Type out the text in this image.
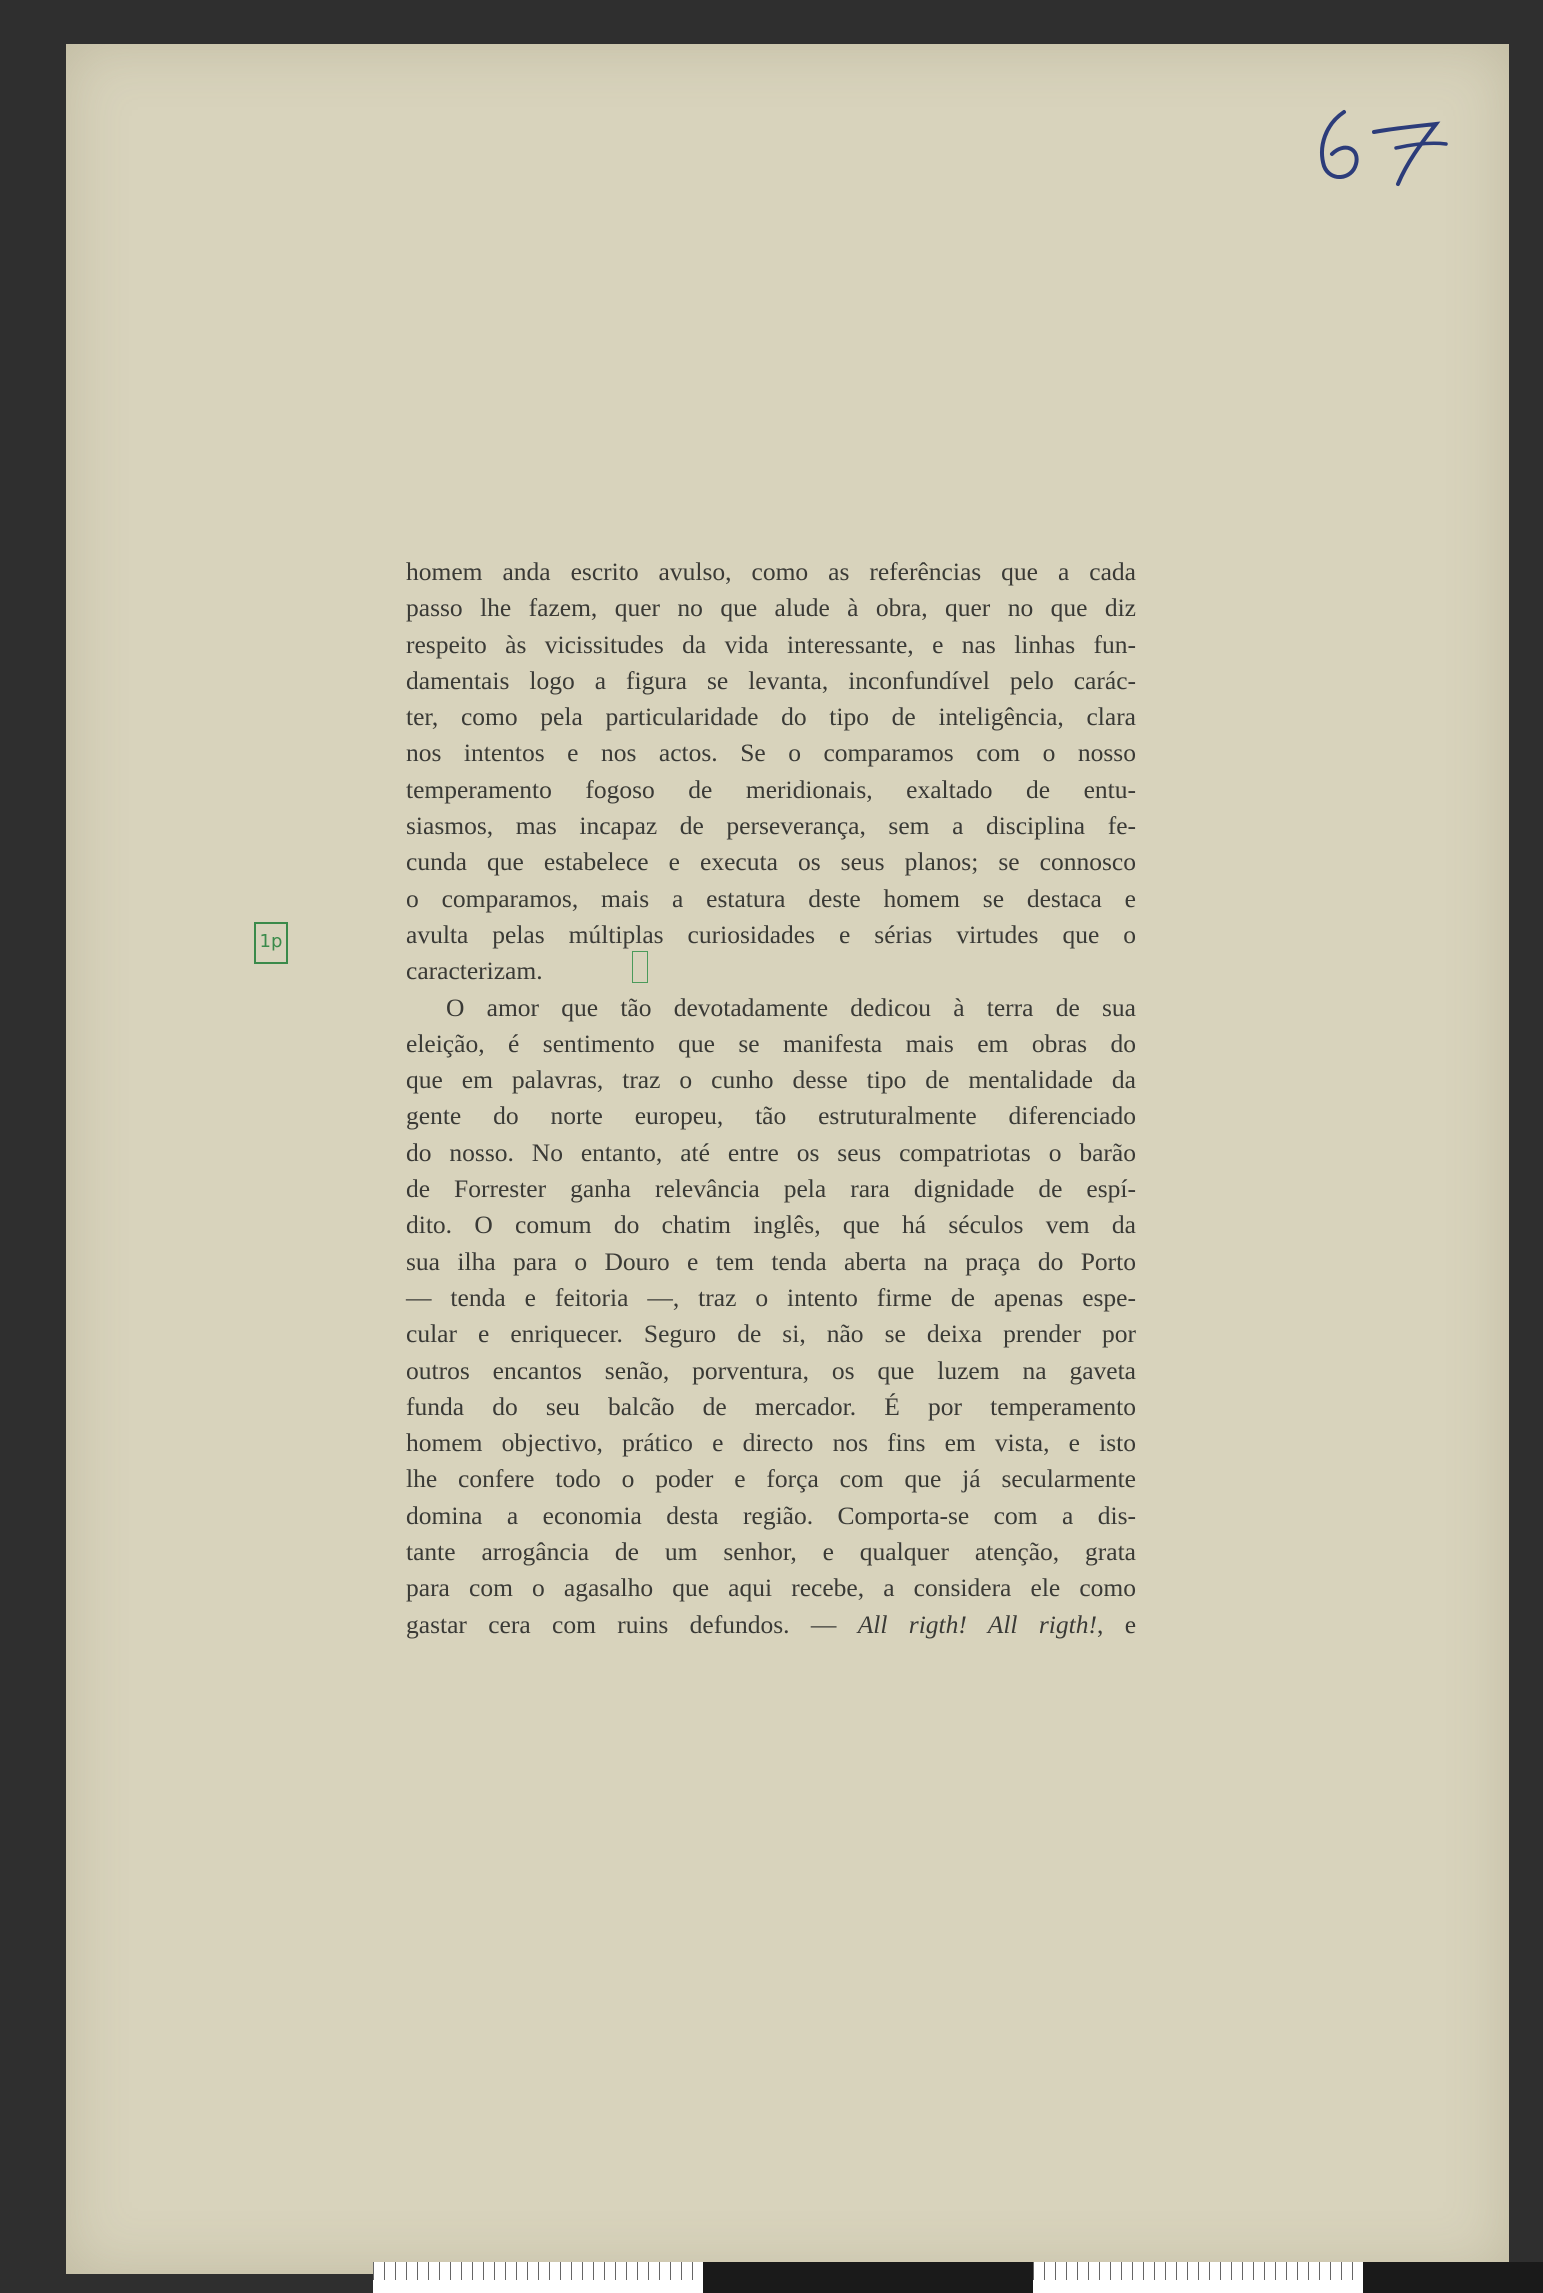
homem anda escrito avulso, como as referências que a cada
passo lhe fazem, quer no que alude à obra, quer no que diz
respeito às vicissitudes da vida interessante, e nas linhas fun-
damentais logo a figura se levanta, inconfundível pelo carác-
ter, como pela particularidade do tipo de inteligência, clara
nos intentos e nos actos. Se o comparamos com o nosso
temperamento fogoso de meridionais, exaltado de entu-
siasmos, mas incapaz de perseverança, sem a disciplina fe-
cunda que estabelece e executa os seus planos; se connosco
o comparamos, mais a estatura deste homem se destaca e
avulta pelas múltiplas curiosidades e sérias virtudes que o
caracterizam.
O amor que tão devotadamente dedicou à terra de sua
eleição, é sentimento que se manifesta mais em obras do
que em palavras, traz o cunho desse tipo de mentalidade da
gente do norte europeu, tão estruturalmente diferenciado
do nosso. No entanto, até entre os seus compatriotas o barão
de Forrester ganha relevância pela rara dignidade de espí-
dito. O comum do chatim inglês, que há séculos vem da
sua ilha para o Douro e tem tenda aberta na praça do Porto
— tenda e feitoria —, traz o intento firme de apenas espe-
cular e enriquecer. Seguro de si, não se deixa prender por
outros encantos senão, porventura, os que luzem na gaveta
funda do seu balcão de mercador. É por temperamento
homem objectivo, prático e directo nos fins em vista, e isto
lhe confere todo o poder e força com que já secularmente
domina a economia desta região. Comporta-se com a dis-
tante arrogância de um senhor, e qualquer atenção, grata
para com o agasalho que aqui recebe, a considera ele como
gastar cera com ruins defundos. — All rigth! All rigth!, e
1p
